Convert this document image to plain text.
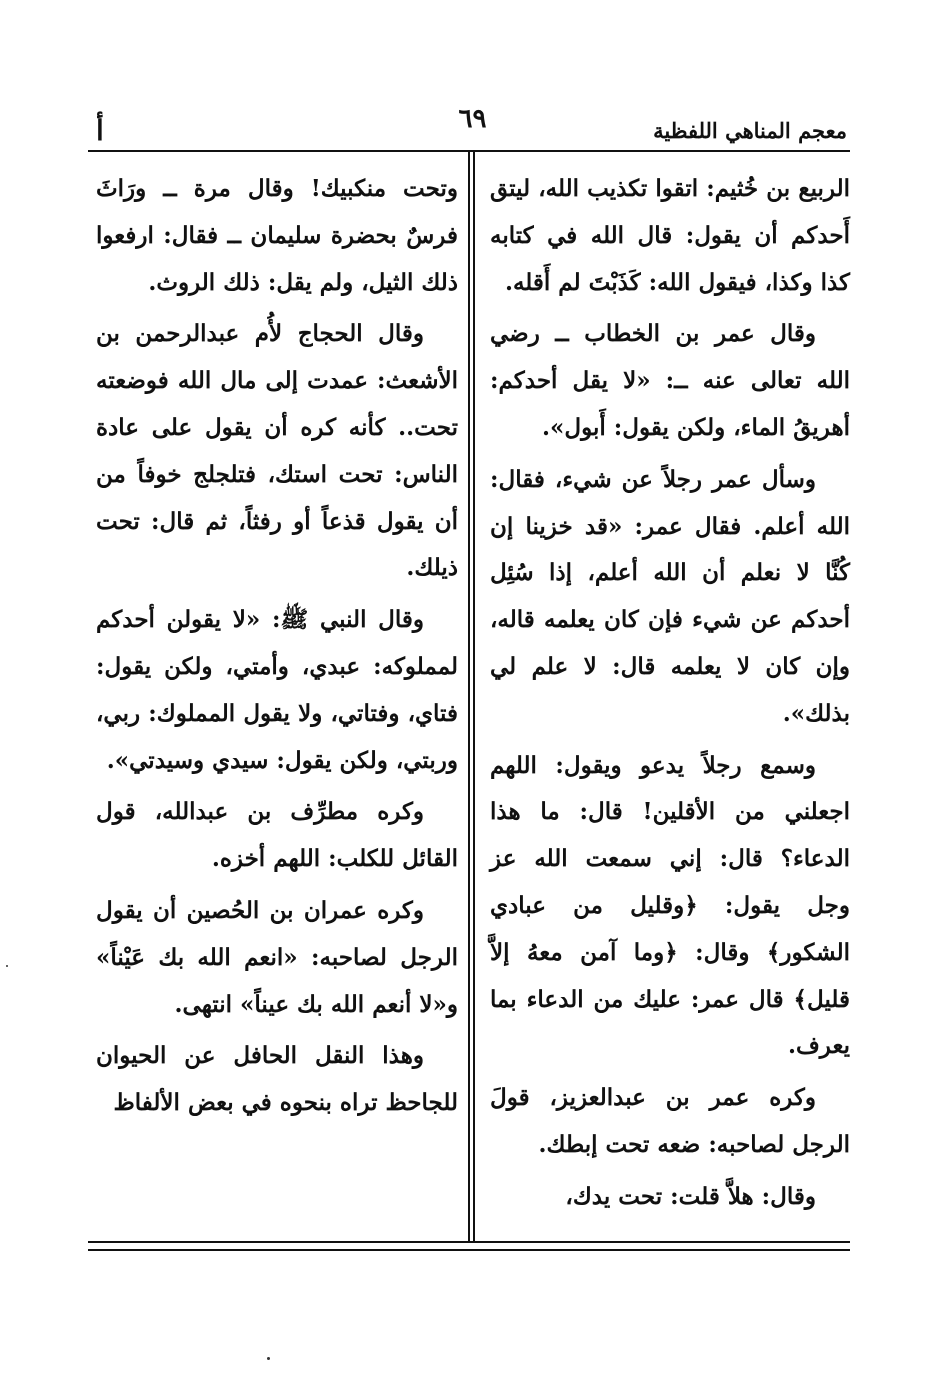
معجم المناهي اللفظية
٦٩
أ

الربيع بن خُثيم: اتقوا تكذيب الله، ليتق أَحدكم أن يقول: قال الله في كتابه كذا وكذا، فيقول الله: كَذَبْتَ لم أَقله.

وقال عمر بن الخطاب ــ رضي الله تعالى عنه ــ: «لا يقل أحدكم: أهريقُ الماء، ولكن يقول: أَبول».

وسأل عمر رجلاً عن شيء، فقال: الله أعلم. فقال عمر: «قد خزينا إن كُنَّا لا نعلم أن الله أعلم، إذا سُئِل أحدكم عن شيء فإن كان يعلمه قاله، وإن كان لا يعلمه قال: لا علم لي بذلك».

وسمع رجلاً يدعو ويقول: اللهم اجعلني من الأقلين! قال: ما هذا الدعاء؟ قال: إني سمعت الله عز وجل يقول: ﴿وقليل من عبادي الشكور﴾ وقال: ﴿وما آمن معهُ إلاَّ قليل﴾ قال عمر: عليك من الدعاء بما يعرف.

وكره عمر بن عبدالعزيز، قولَ الرجل لصاحبه: ضعه تحت إبطك.

وقال: هلاَّ قلت: تحت يدك،

وتحت منكبيك! وقال مرة ــ ورَاثَ فرسٌ بحضرة سليمان ــ فقال: ارفعوا ذلك الثيل، ولم يقل: ذلك الروث.

وقال الحجاج لأُم عبدالرحمن بن الأشعث: عمدت إلى مال الله فوضعته تحت.. كأنه كره أن يقول على عادة الناس: تحت استك، فتلجلج خوفاً من أن يقول قذعاً أو رفثاً، ثم قال: تحت ذيلك.

وقال النبي ﷺ: «لا يقولن أحدكم لمملوكه: عبدي، وأمتي، ولكن يقول: فتاي، وفتاتي، ولا يقول المملوك: ربي، وربتي، ولكن يقول: سيدي وسيدتي».

وكره مطرِّف بن عبدالله، قول القائل للكلب: اللهم أخزه.

وكره عمران بن الحُصين أن يقول الرجل لصاحبه: «انعم الله بك عَيْناً» و«لا أنعم الله بك عيناً» انتهى.

وهذا النقل الحافل عن الحيوان للجاحظ تراه بنحوه في بعض الألفاظ
